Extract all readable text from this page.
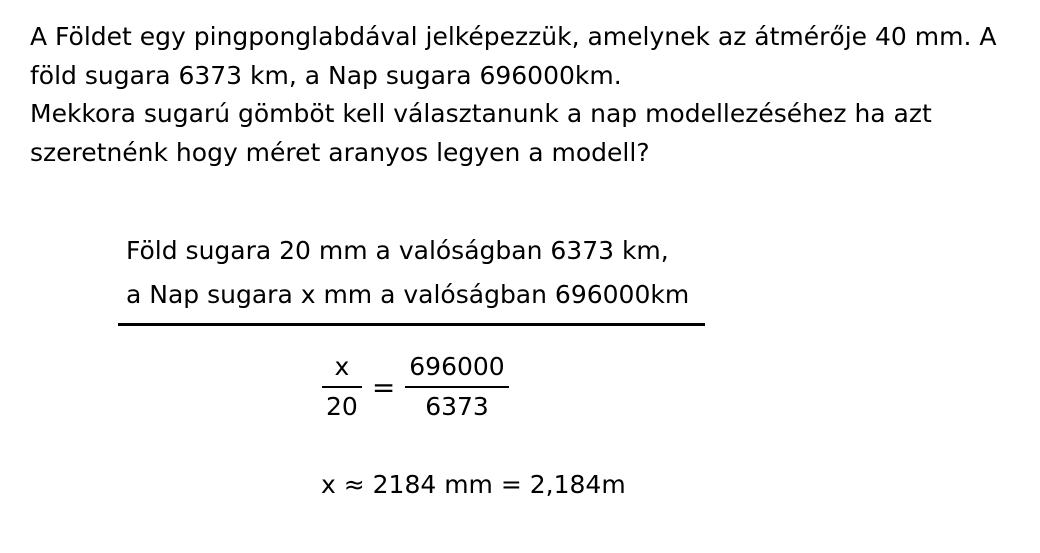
A Földet egy pingponglabdával jelképezzük, amelynek az átmérője 40 mm. A
föld sugara 6373 km, a Nap sugara 696000km.
Mekkora sugarú gömböt kell választanunk a nap modellezéséhez ha azt
szeretnénk hogy méret aranyos legyen a modell?
Föld sugara 20 mm a valóságban 6373 km,
a Nap sugara x mm a valóságban 696000km
$\frac{x}{20} = \frac{696000}{6373}$
x ≈ 2184 mm = 2,184m
